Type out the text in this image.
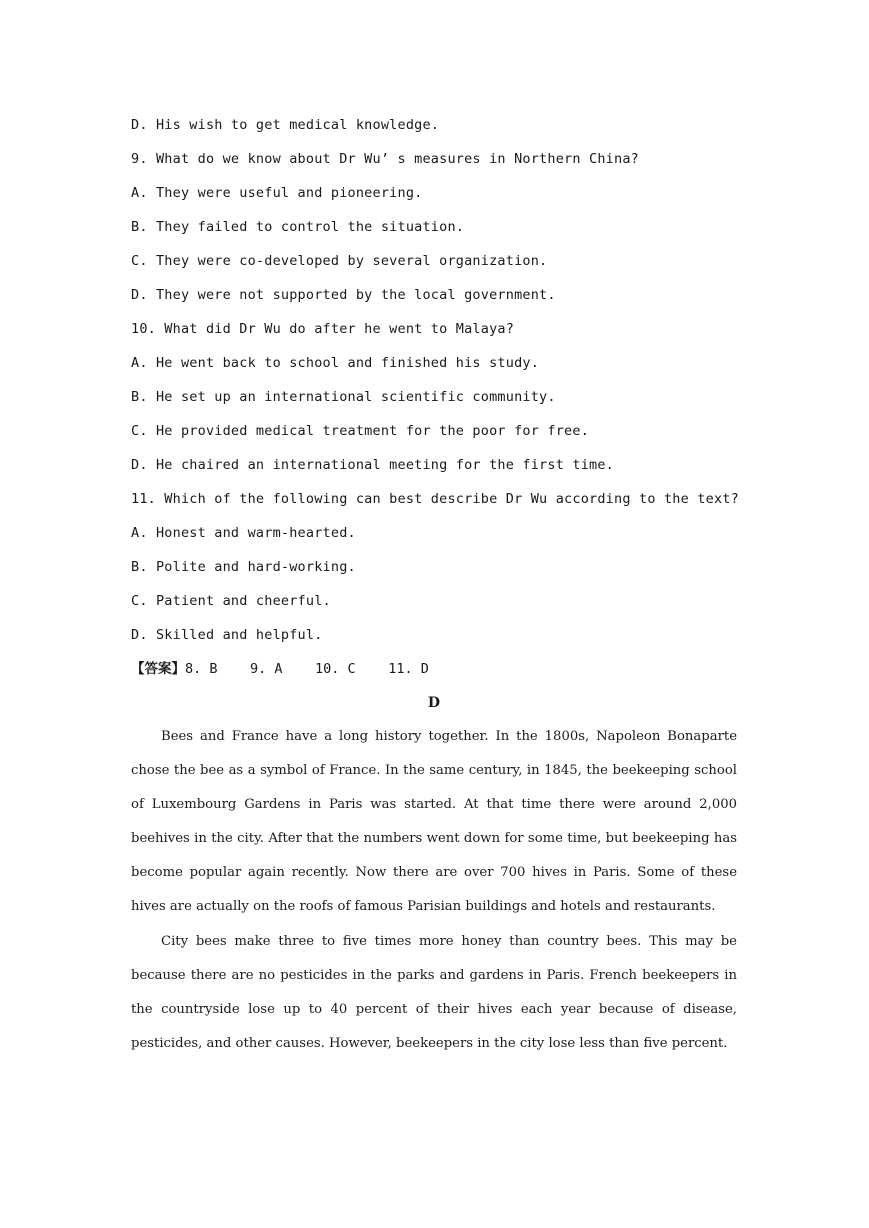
D. His wish to get medical knowledge.
9. What do we know about Dr Wu’ s measures in Northern China?
A. They were useful and pioneering.
B. They failed to control the situation.
C. They were co-developed by several organization.
D. They were not supported by the local government.
10. What did Dr Wu do after he went to Malaya?
A. He went back to school and finished his study.
B. He set up an international scientific community.
C. He provided medical treatment for the poor for free.
D. He chaired an international meeting for the first time.
11. Which of the following can best describe Dr Wu according to the text?
A. Honest and warm-hearted.
B. Polite and hard-working.
C. Patient and cheerful.
D. Skilled and helpful.
【答案】8. B    9. A    10. C    11. D
D

Bees and France have a long history together. In the 1800s, Napoleon Bonaparte chose the bee as a symbol of France. In the same century, in 1845, the beekeeping school of Luxembourg Gardens in Paris was started. At that time there were around 2,000 beehives in the city. After that the numbers went down for some time, but beekeeping has become popular again recently. Now there are over 700 hives in Paris. Some of these hives are actually on the roofs of famous Parisian buildings and hotels and restaurants.

City bees make three to five times more honey than country bees. This may be because there are no pesticides in the parks and gardens in Paris. French beekeepers in the countryside lose up to 40 percent of their hives each year because of disease, pesticides, and other causes. However, beekeepers in the city lose less than five percent.
